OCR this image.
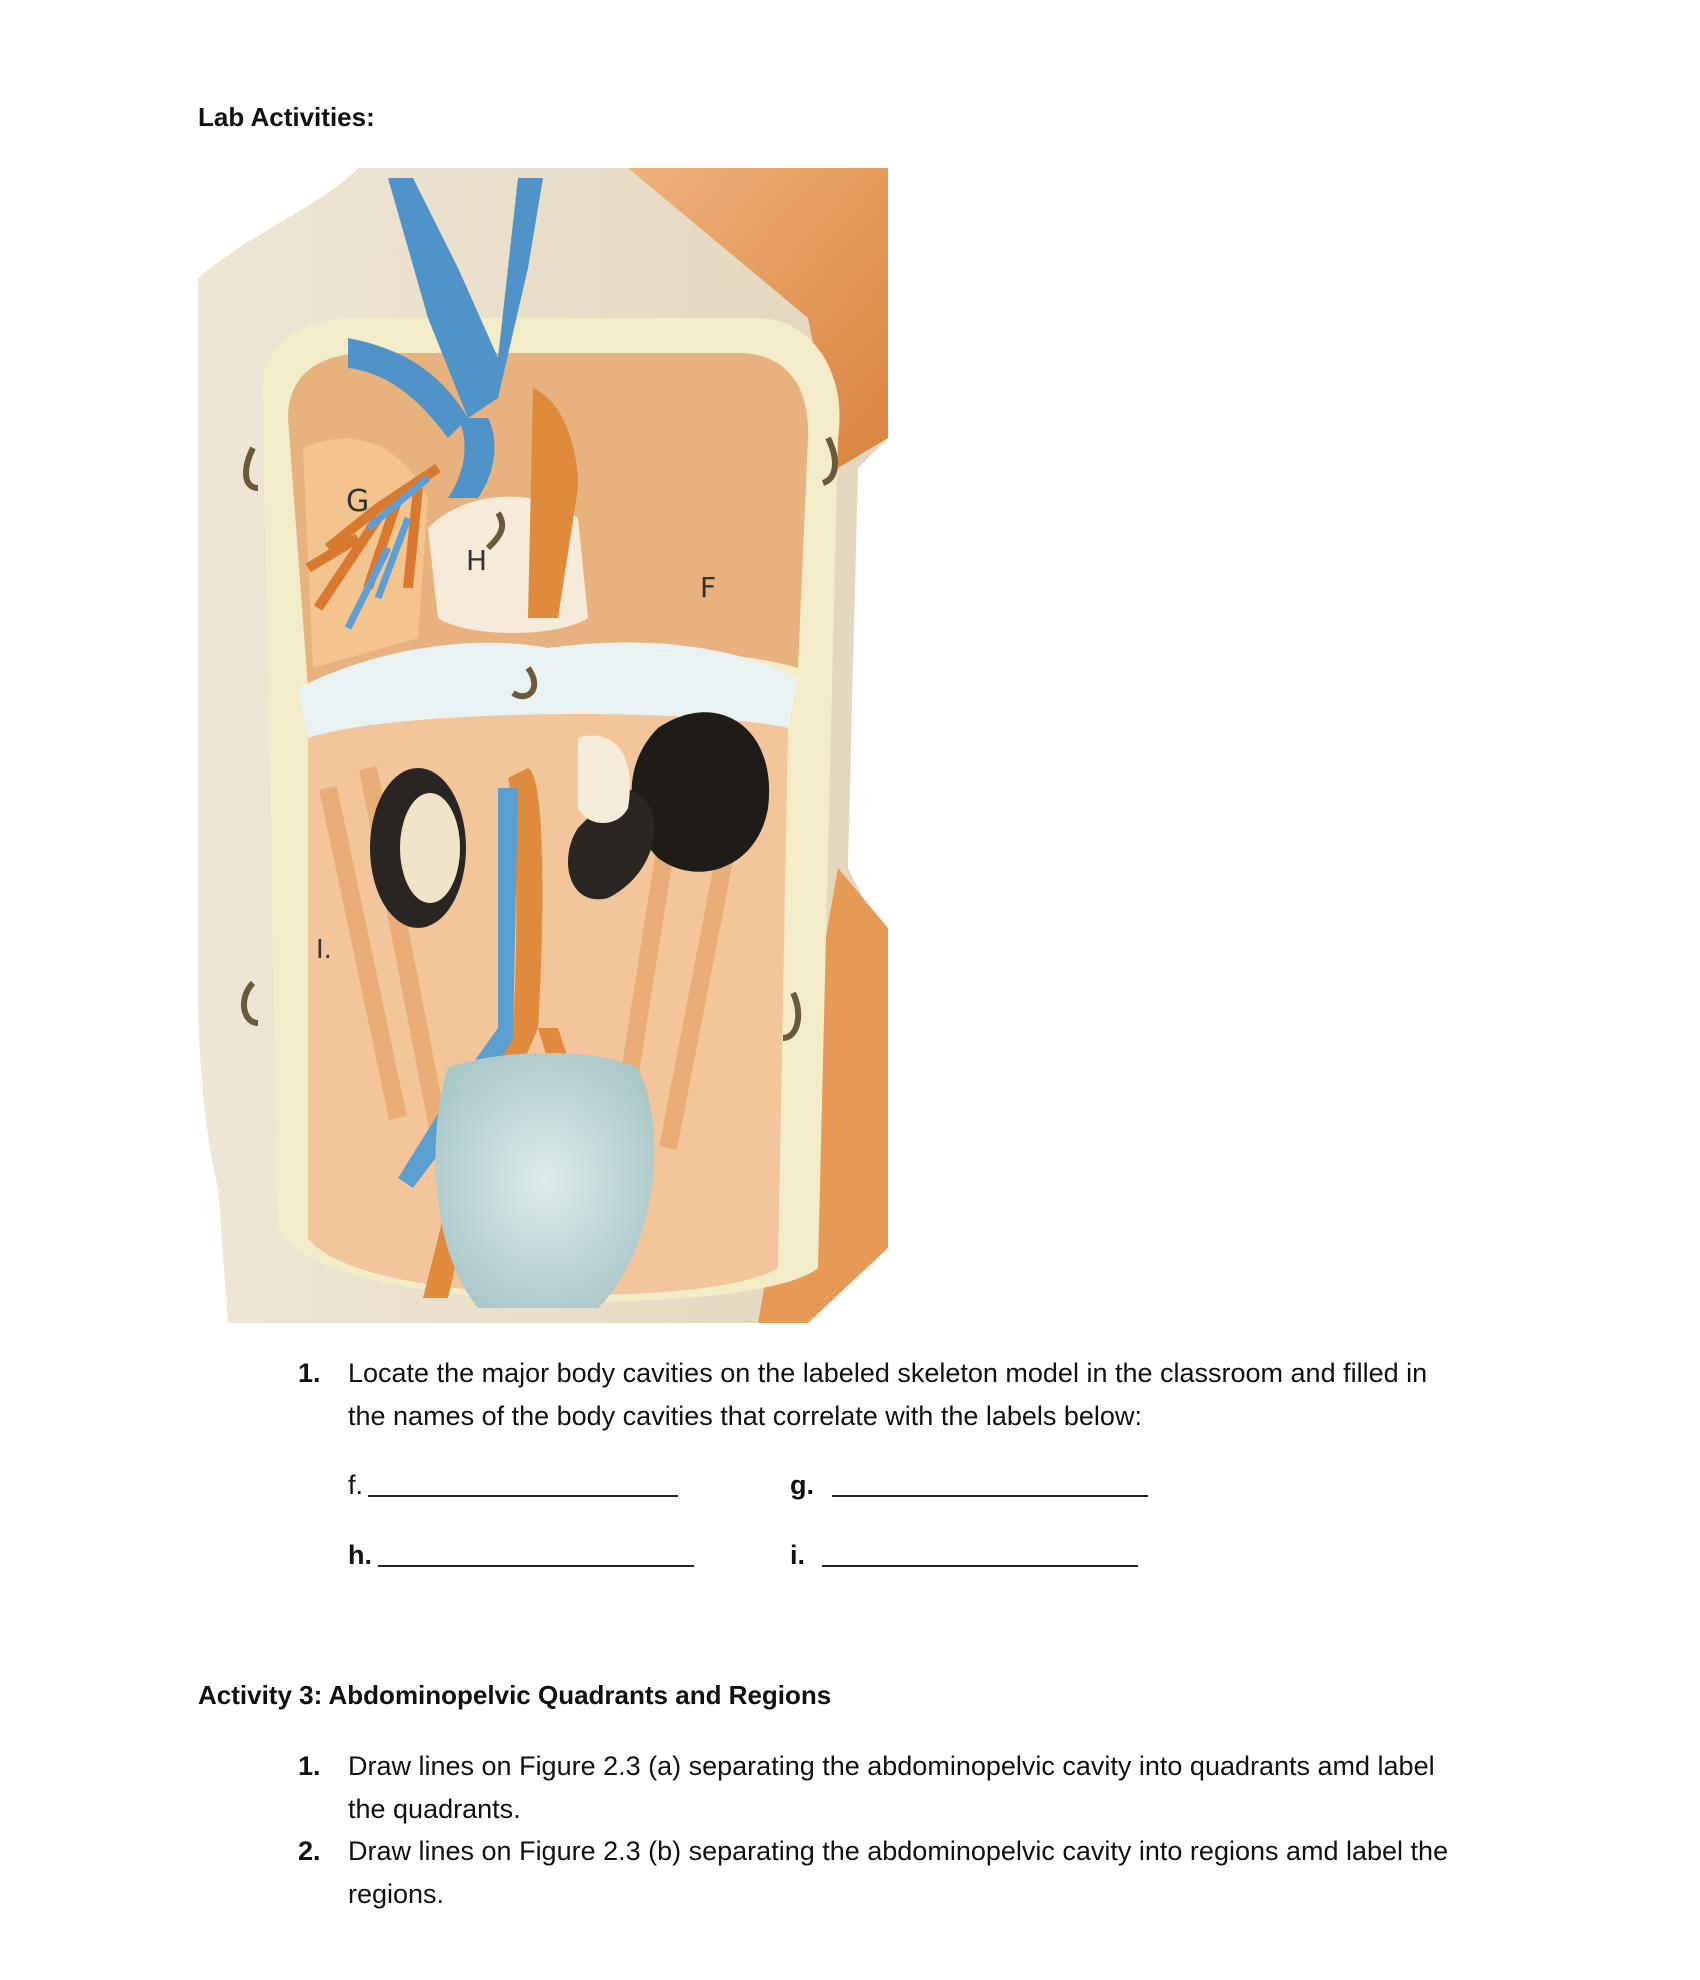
Lab Activities:
G
H
F
I.
1. Locate the major body cavities on the labeled skeleton model in the classroom and filled in
the names of the body cavities that correlate with the labels below:
f.	g.
h.	i.
Activity 3: Abdominopelvic Quadrants and Regions
1. Draw lines on Figure 2.3 (a) separating the abdominopelvic cavity into quadrants amd label
the quadrants.
2. Draw lines on Figure 2.3 (b) separating the abdominopelvic cavity into regions amd label the
regions.
